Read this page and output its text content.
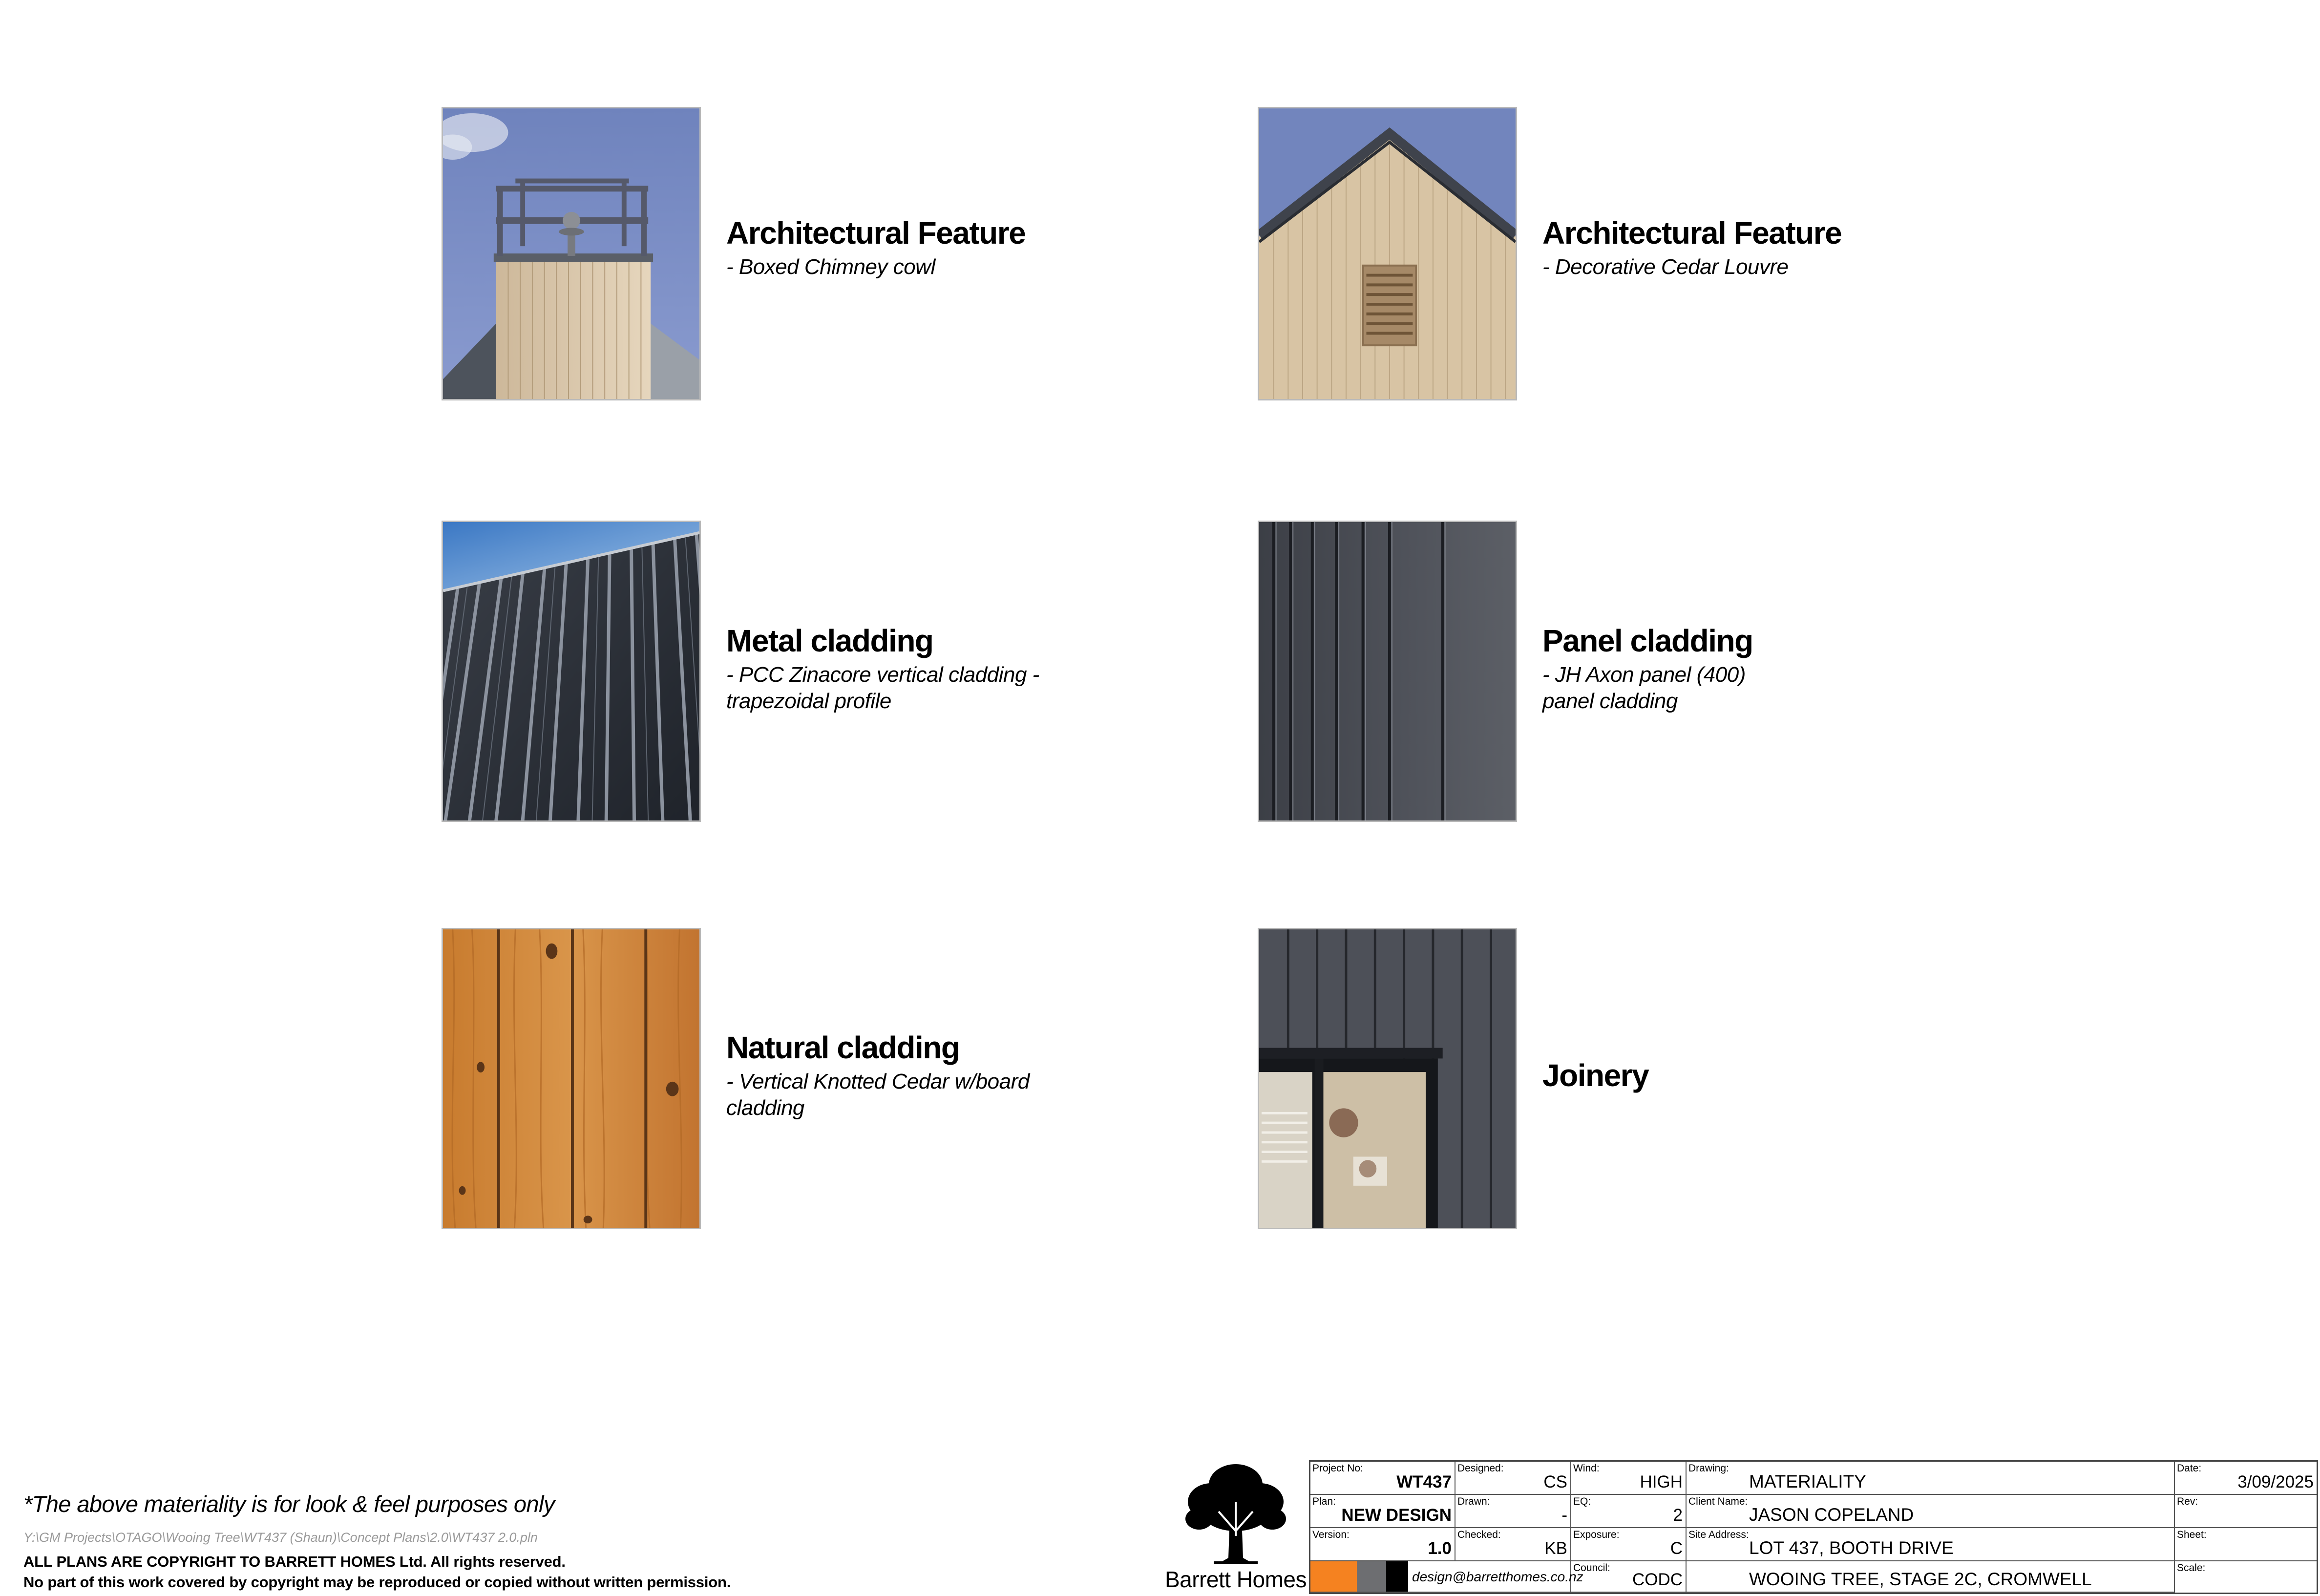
Architectural Feature
- Boxed Chimney cowl
Architectural Feature
- Decorative Cedar Louvre
Metal cladding
- PCC Zinacore vertical cladding -
trapezoidal profile
Panel cladding
- JH Axon panel (400)
panel cladding
Natural cladding
- Vertical Knotted Cedar w/board
cladding
Joinery
*The above materiality is for look & feel purposes only
Y:\GM Projects\OTAGO\Wooing Tree\WT437 (Shaun)\Concept Plans\2.0\WT437 2.0.pln
ALL PLANS ARE COPYRIGHT TO BARRETT HOMES Ltd. All rights reserved.
No part of this work covered by copyright may be reproduced or copied without written permission.	Barrett Homes
Project No:
WT437
Plan:
NEW DESIGN
Version:
1.0
Designed:
CS
Drawn:
-
Checked:
KB
design@barretthomes.co.nz
Wind:
HIGH
EQ:
2
Exposure:
C
Council:
CODC
Drawing:
MATERIALITY
Client Name:
JASON COPELAND
Site Address:
LOT 437, BOOTH DRIVE
WOOING TREE, STAGE 2C, CROMWELL
Date:
3/09/2025
Rev:
Sheet:
Scale:
